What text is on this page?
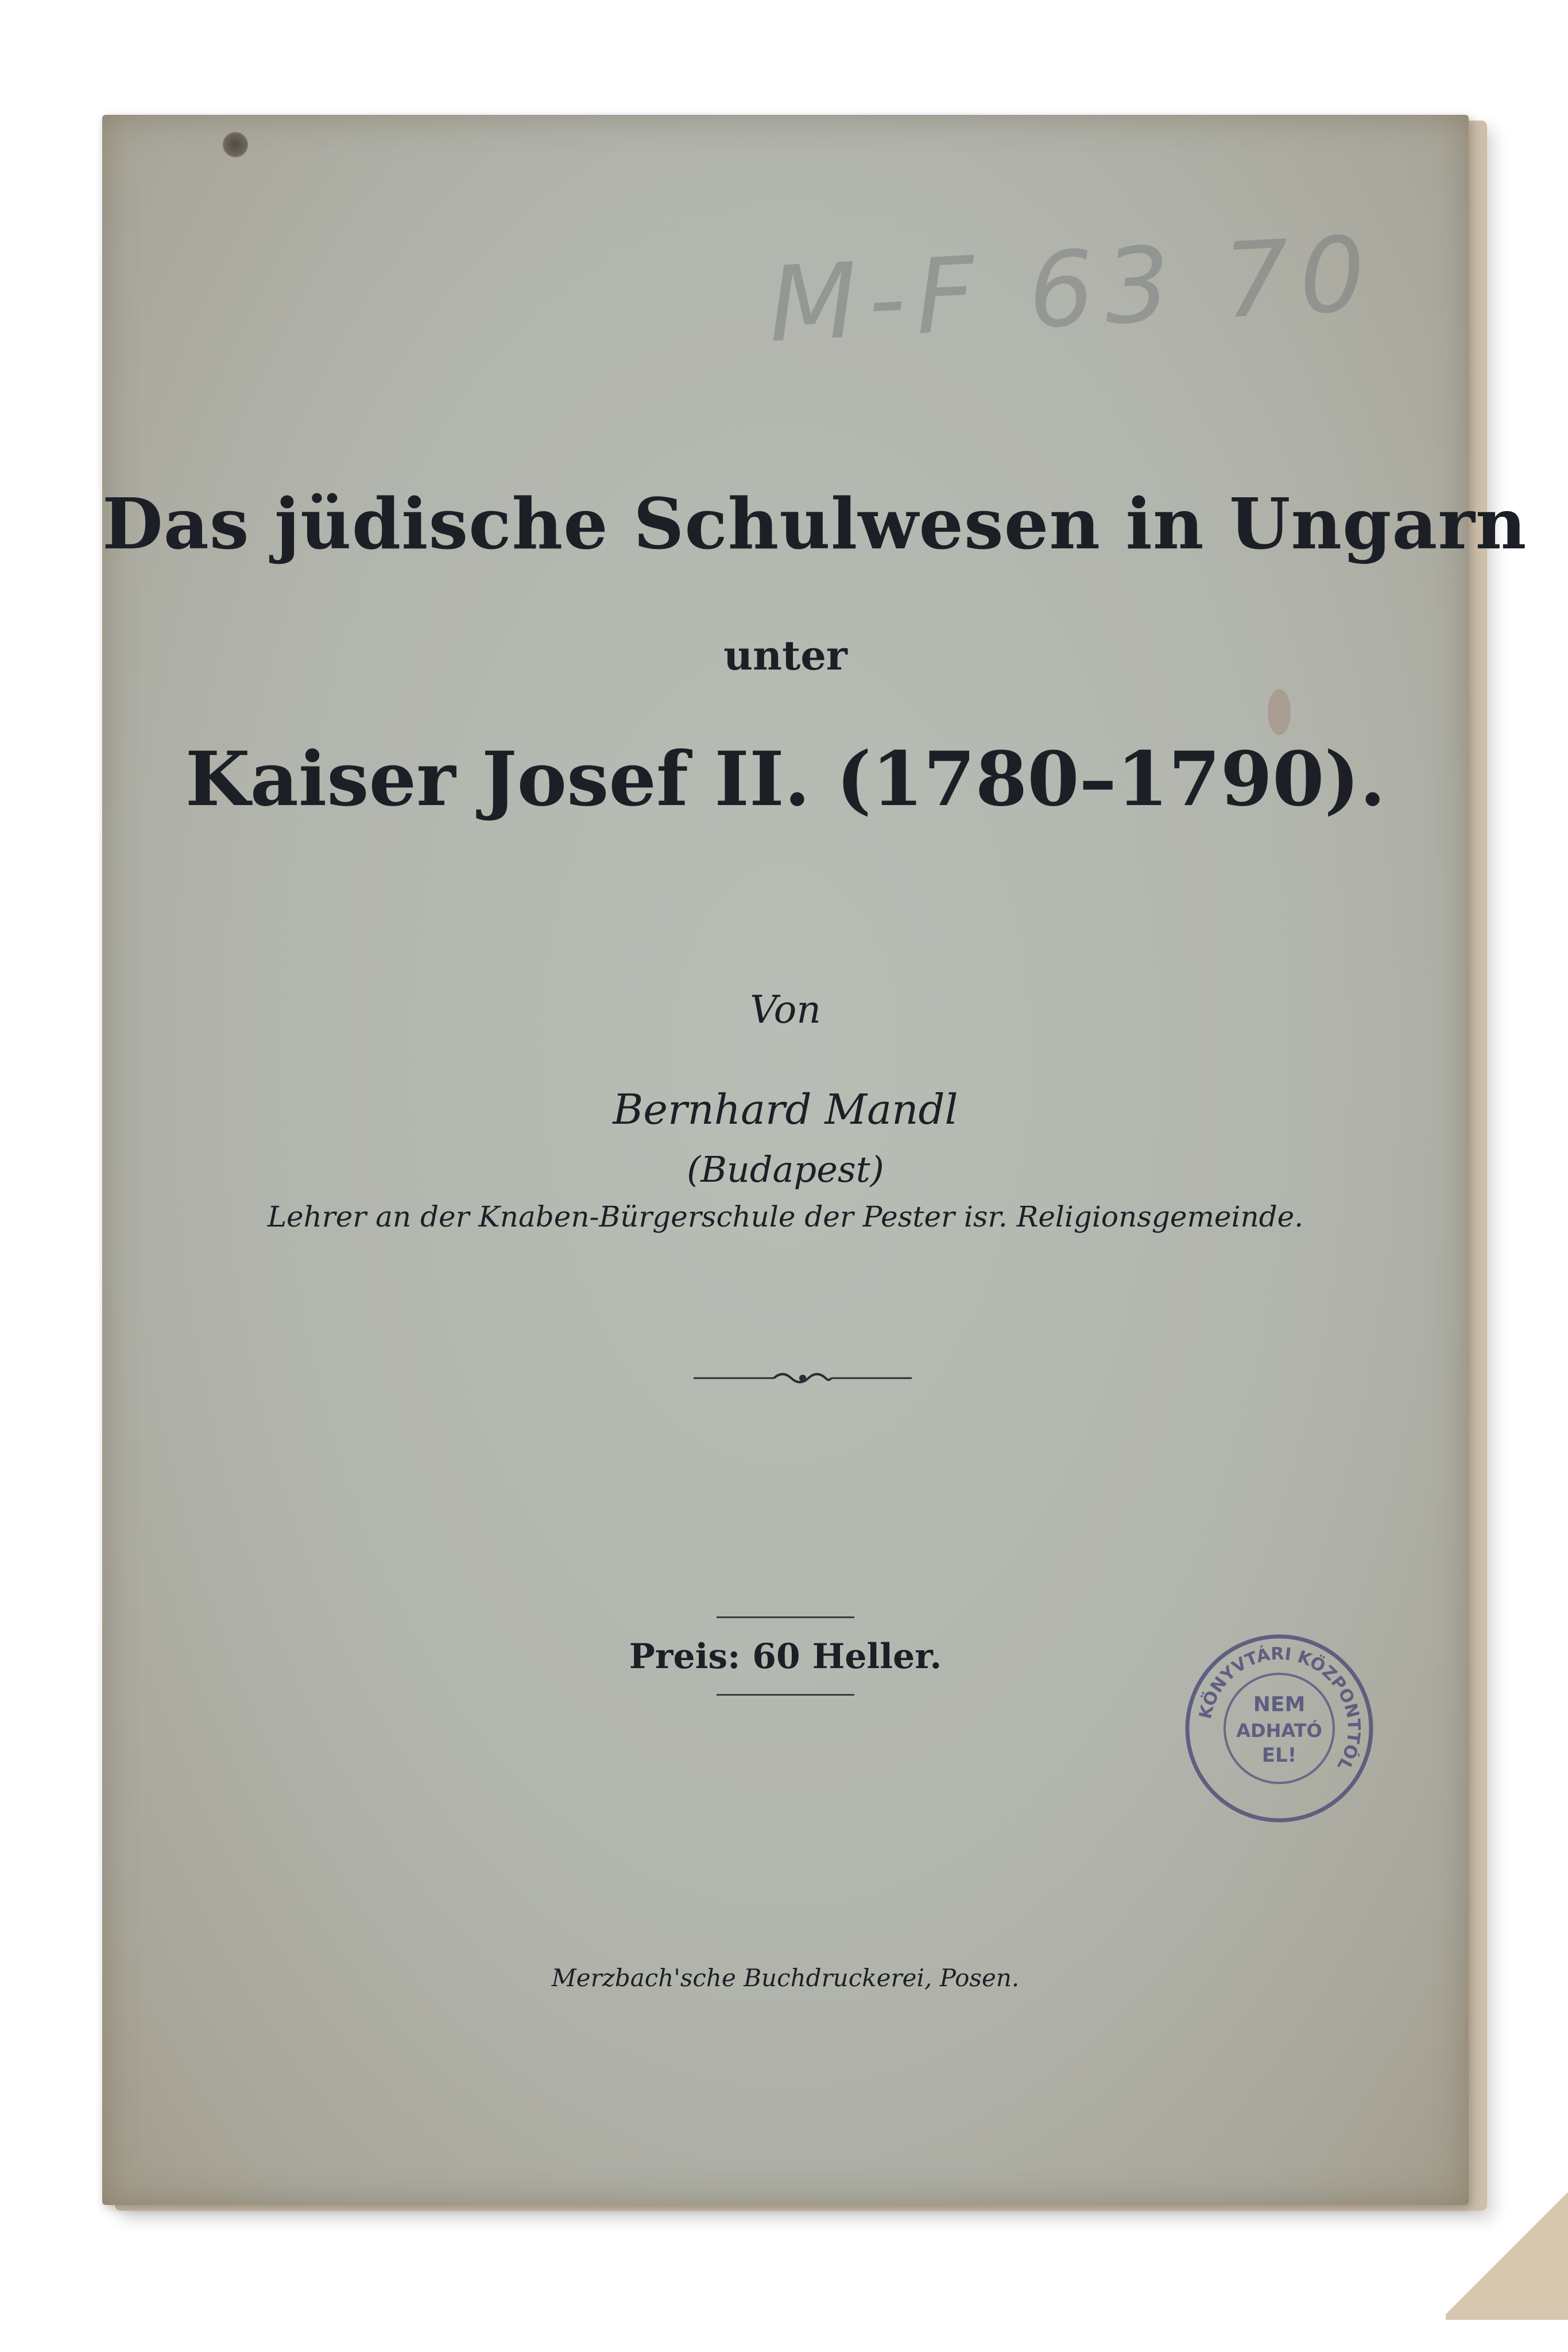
M-F 63 70
Das jüdische Schulwesen in Ungarn
unter
Kaiser Josef II. (1780–1790).
Von
Bernhard Mandl
(Budapest)
Lehrer an der Knaben-Bürgerschule der Pester isr. Religionsgemeinde.
Preis: 60 Heller.
KÖNYVTÁRI KÖZPONTTÓL
NEM
ADHATÓ
EL!
Merzbach'sche Buchdruckerei, Posen.
